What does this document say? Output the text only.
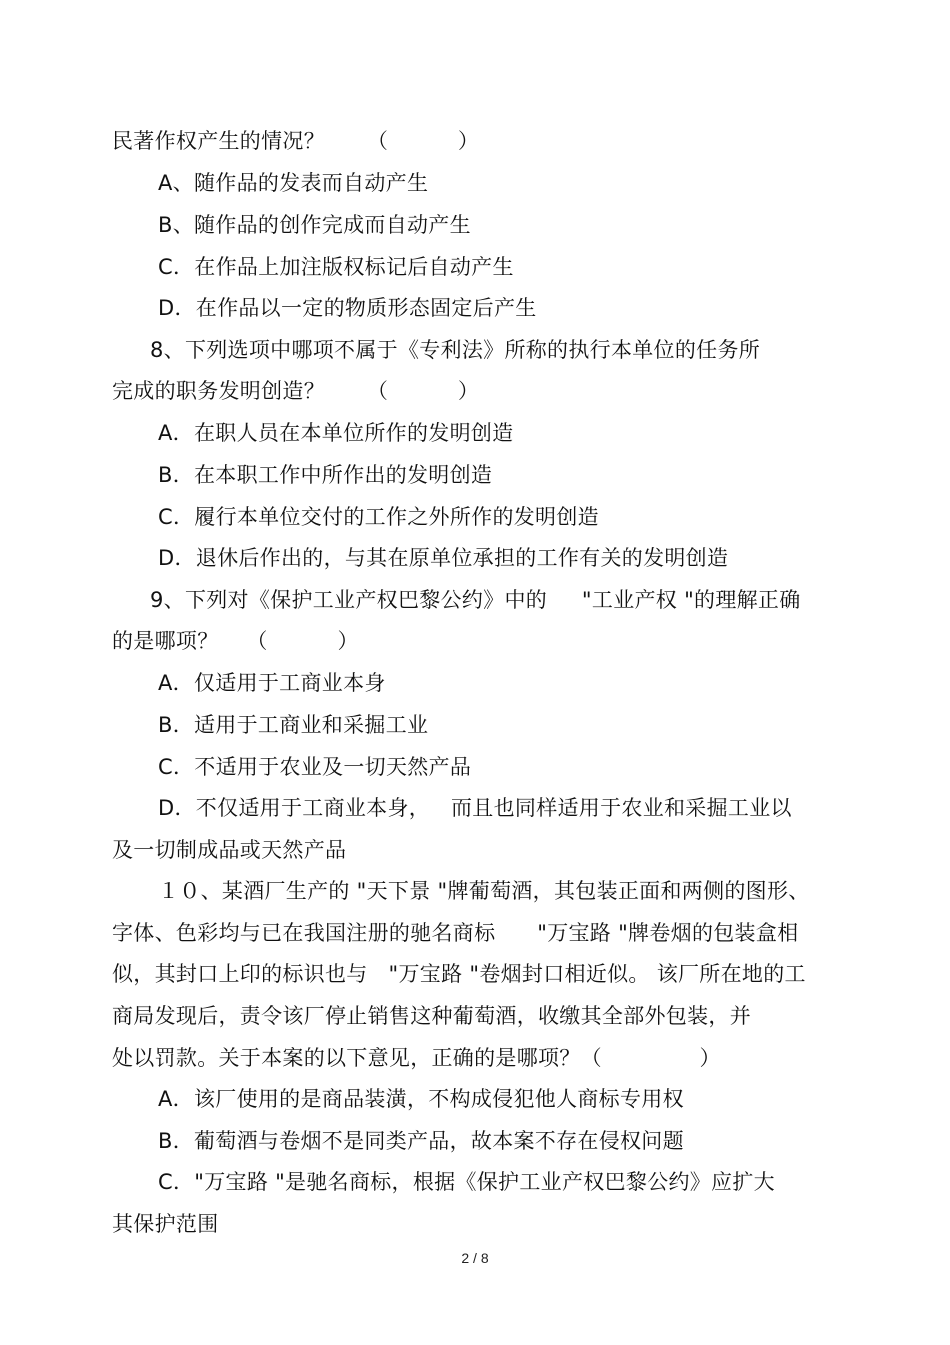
民著作权产生的情况？      （          ）
A、随作品的发表而自动产生
B、随作品的创作完成而自动产生
C．在作品上加注版权标记后自动产生
D．在作品以一定的物质形态固定后产生
8、下列选项中哪项不属于《专利法》所称的执行本单位的任务所
完成的职务发明创造？      （          ）
A．在职人员在本单位所作的发明创造
B．在本职工作中所作出的发明创造
C．履行本单位交付的工作之外所作的发明创造
D．退休后作出的，与其在原单位承担的工作有关的发明创造
9、下列对《保护工业产权巴黎公约》中的     "工业产权 "的理解正确
的是哪项？    （          ）
A．仅适用于工商业本身
B．适用于工商业和采掘工业
C．不适用于农业及一切天然产品
D．不仅适用于工商业本身，   而且也同样适用于农业和采掘工业以
及一切制成品或天然产品
１０、某酒厂生产的 "天下景 "牌葡萄酒，其包装正面和两侧的图形、
字体、色彩均与已在我国注册的驰名商标      "万宝路 "牌卷烟的包装盒相
似，其封口上印的标识也与   "万宝路 "卷烟封口相近似。 该厂所在地的工
商局发现后，责令该厂停止销售这种葡萄酒，收缴其全部外包装，并
处以罚款。关于本案的以下意见，正确的是哪项？（              ）
A．该厂使用的是商品装潢，不构成侵犯他人商标专用权
B．葡萄酒与卷烟不是同类产品，故本案不存在侵权问题
C．"万宝路 "是驰名商标，根据《保护工业产权巴黎公约》应扩大
其保护范围
2 / 8
